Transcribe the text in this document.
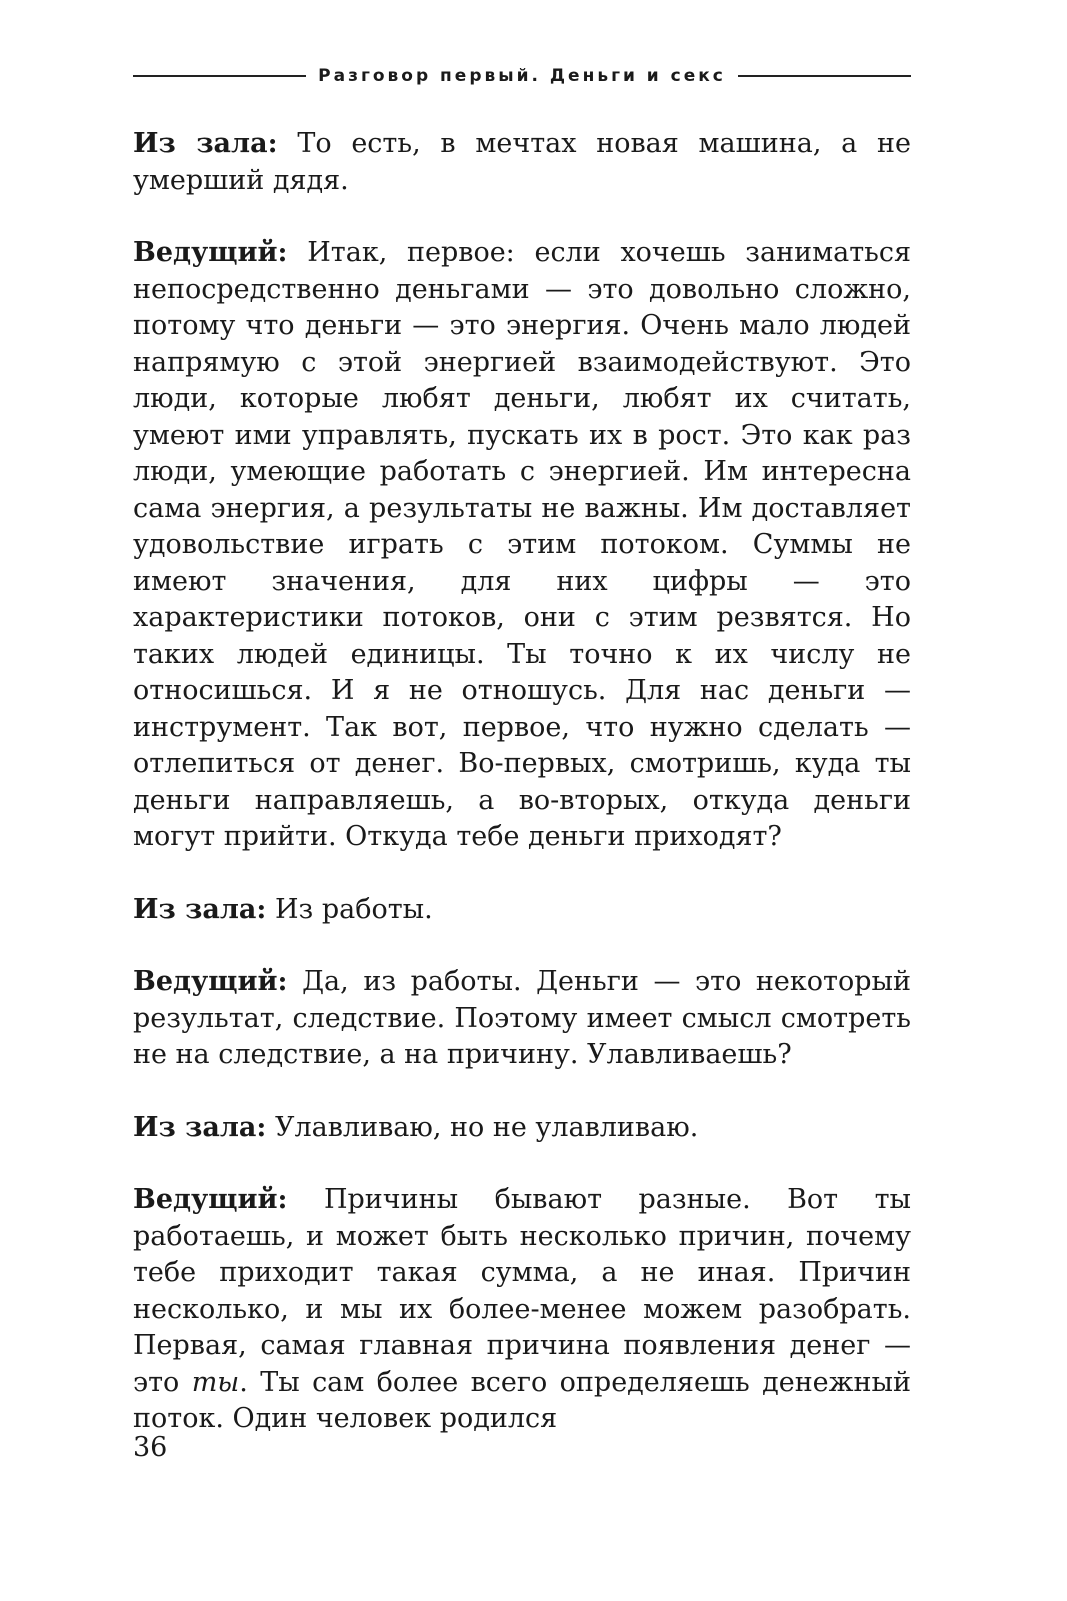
Разговор первый. Деньги и секс

Из зала: То есть, в мечтах новая машина, а не умерший дядя.

Ведущий: Итак, первое: если хочешь заниматься непосредственно деньгами — это довольно сложно, потому что деньги — это энергия. Очень мало людей напрямую с этой энергией взаимодействуют. Это люди, которые любят деньги, любят их считать, умеют ими управлять, пускать их в рост. Это как раз люди, умеющие работать с энергией. Им интересна сама энергия, а результаты не важны. Им доставляет удовольствие играть с этим потоком. Суммы не имеют значения, для них цифры — это характеристики потоков, они с этим резвятся. Но таких людей единицы. Ты точно к их числу не относишься. И я не отношусь. Для нас деньги — инструмент. Так вот, первое, что нужно сделать — отлепиться от денег. Во-первых, смотришь, куда ты деньги направляешь, а во-вторых, откуда деньги могут прийти. Откуда тебе деньги приходят?

Из зала: Из работы.

Ведущий: Да, из работы. Деньги — это некоторый результат, следствие. Поэтому имеет смысл смотреть не на следствие, а на причину. Улавливаешь?

Из зала: Улавливаю, но не улавливаю.

Ведущий: Причины бывают разные. Вот ты работаешь, и может быть несколько причин, почему тебе приходит такая сумма, а не иная. Причин несколько, и мы их более-менее можем разобрать. Первая, самая главная причина появления денег — это ты. Ты сам более всего определяешь денежный поток. Один человек родился

36
